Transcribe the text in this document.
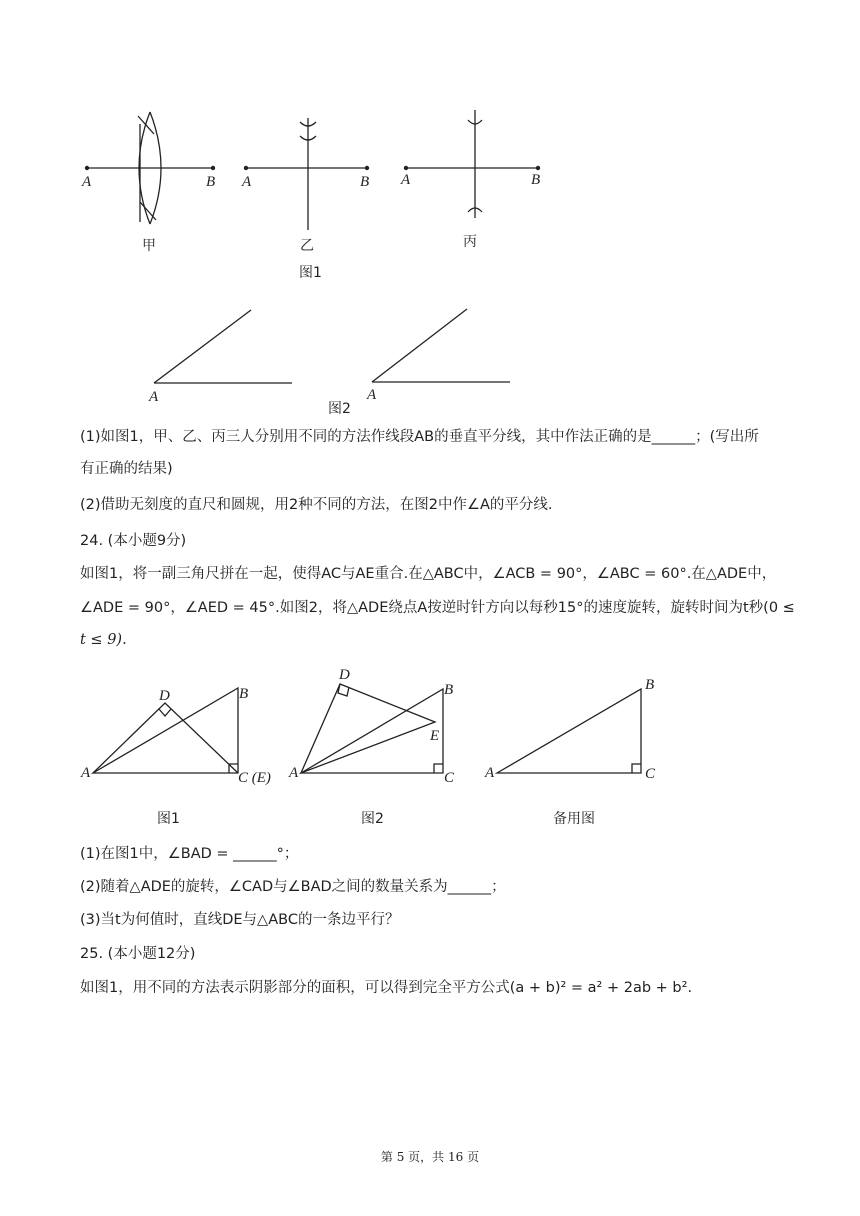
A	B
甲
A	B
乙
A	B
丙
图1
A	A
图2
(1)如图1，甲、乙、丙三人分别用不同的方法作线段AB的垂直平分线，其中作法正确的是______；(写出所
有正确的结果)
(2)借助无刻度的直尺和圆规，用2种不同的方法，在图2中作∠A的平分线.
24. (本小题9分)
如图1，将一副三角尺拼在一起，使得AC与AE重合.在△ABC中，∠ACB = 90°，∠ABC = 60°.在△ADE中，
∠ADE = 90°，∠AED = 45°.如图2，将△ADE绕点A按逆时针方向以每秒15°的速度旋转，旋转时间为t秒(0 ≤
t ≤ 9).
A
B
C (E)
D
图1
A
B
C
D
E
图2
A
B
C
备用图
(1)在图1中，∠BAD = ______°；
(2)随着△ADE的旋转，∠CAD与∠BAD之间的数量关系为______；
(3)当t为何值时，直线DE与△ABC的一条边平行？
25. (本小题12分)
如图1，用不同的方法表示阴影部分的面积，可以得到完全平方公式(a + b)² = a² + 2ab + b².
第 5 页，共 16 页
